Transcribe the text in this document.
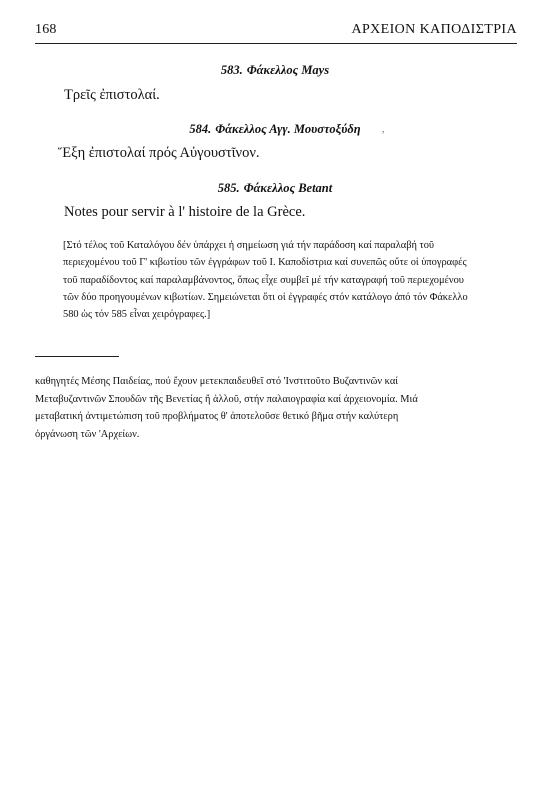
168	ΑΡΧΕΙΟΝ ΚΑΠΟΔΙΣΤΡΙΑ
583. Φάκελλος Mays
Τρεῖς ἐπιστολαί.
584. Φάκελλος Αγγ. Μουστοξύδη	,
Ἕξη ἐπιστολαί πρός Αὐγουστῖνον.
585. Φάκελλος Betant
Notes pour servir à l' histoire de la Grèce.
[Στό τέλος τοῦ Καταλόγου δέν ὑπάρχει ἡ σημείωση γιά τήν παράδοση καί παραλαβή τοῦ
περιεχομένου τοῦ Γ' κιβωτίου τῶν ἐγγράφων τοῦ Ι. Καποδίστρια καί συνεπῶς οὔτε οἱ ὑπογραφές
τοῦ παραδίδοντος καί παραλαμβάνοντος, ὅπως εἶχε συμβεῖ μέ τήν καταγραφή τοῦ περιεχομένου
τῶν δύο προηγουμένων κιβωτίων. Σημειώνεται ὅτι οἱ ἐγγραφές στόν κατάλογο ἀπό τόν Φάκελλο
580 ὡς τόν 585 εἶναι χειρόγραφες.]
καθηγητές Μέσης Παιδείας, πού ἔχουν μετεκπαιδευθεῖ στό 'Ινστιτοῦτο Βυζαντινῶν καί
Μεταβυζαντινῶν Σπουδῶν τῆς Βενετίας ἤ ἀλλοῦ, στήν παλαιογραφία καί ἀρχειονομία. Μιά
μεταβατική ἀντιμετώπιση τοῦ προβλήματος θ' ἀποτελοῦσε θετικό βῆμα στήν καλύτερη
ὀργάνωση τῶν 'Αρχείων.
